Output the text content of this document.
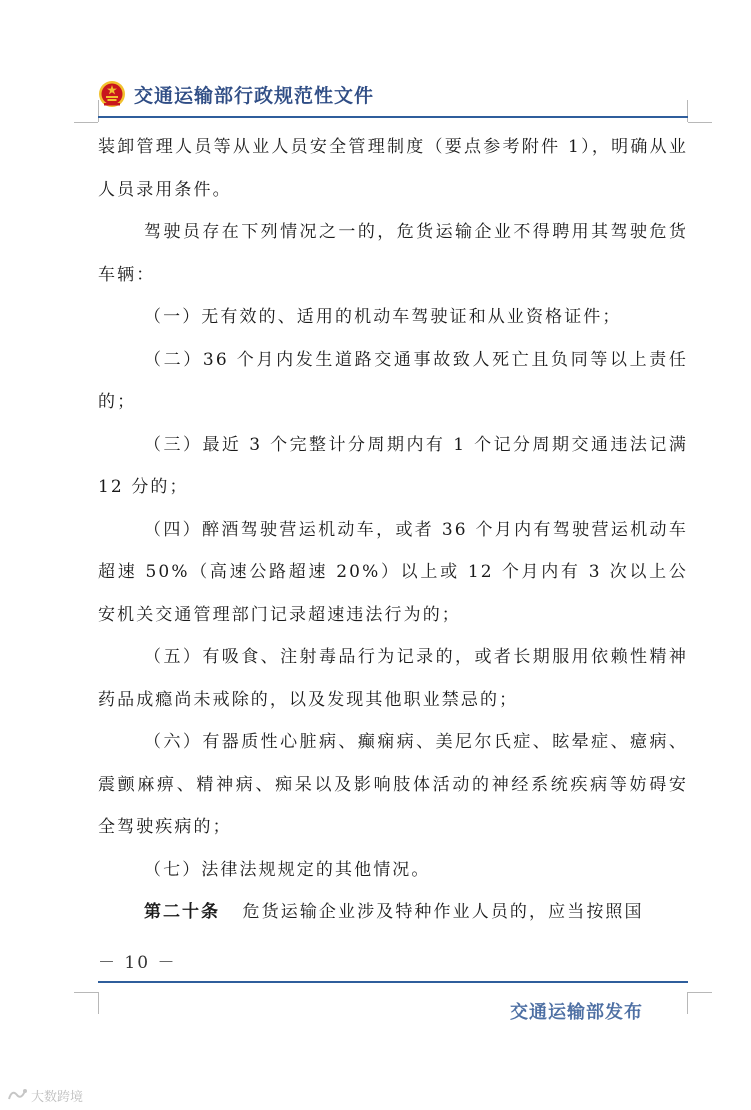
交通运输部行政规范性文件

装卸管理人员等从业人员安全管理制度（要点参考附件 1），明确从业人员录用条件。

驾驶员存在下列情况之一的，危货运输企业不得聘用其驾驶危货车辆：

（一）无有效的、适用的机动车驾驶证和从业资格证件；

（二）36 个月内发生道路交通事故致人死亡且负同等以上责任的；

（三）最近 3 个完整计分周期内有 1 个记分周期交通违法记满 12 分的；

（四）醉酒驾驶营运机动车，或者 36 个月内有驾驶营运机动车超速 50%（高速公路超速 20%）以上或 12 个月内有 3 次以上公安机关交通管理部门记录超速违法行为的；

（五）有吸食、注射毒品行为记录的，或者长期服用依赖性精神药品成瘾尚未戒除的，以及发现其他职业禁忌的；

（六）有器质性心脏病、癫痫病、美尼尔氏症、眩晕症、癔病、震颤麻痹、精神病、痴呆以及影响肢体活动的神经系统疾病等妨碍安全驾驶疾病的；

（七）法律法规规定的其他情况。

第二十条 危货运输企业涉及特种作业人员的，应当按照国

－ 10 －
交通运输部发布
大数跨境
